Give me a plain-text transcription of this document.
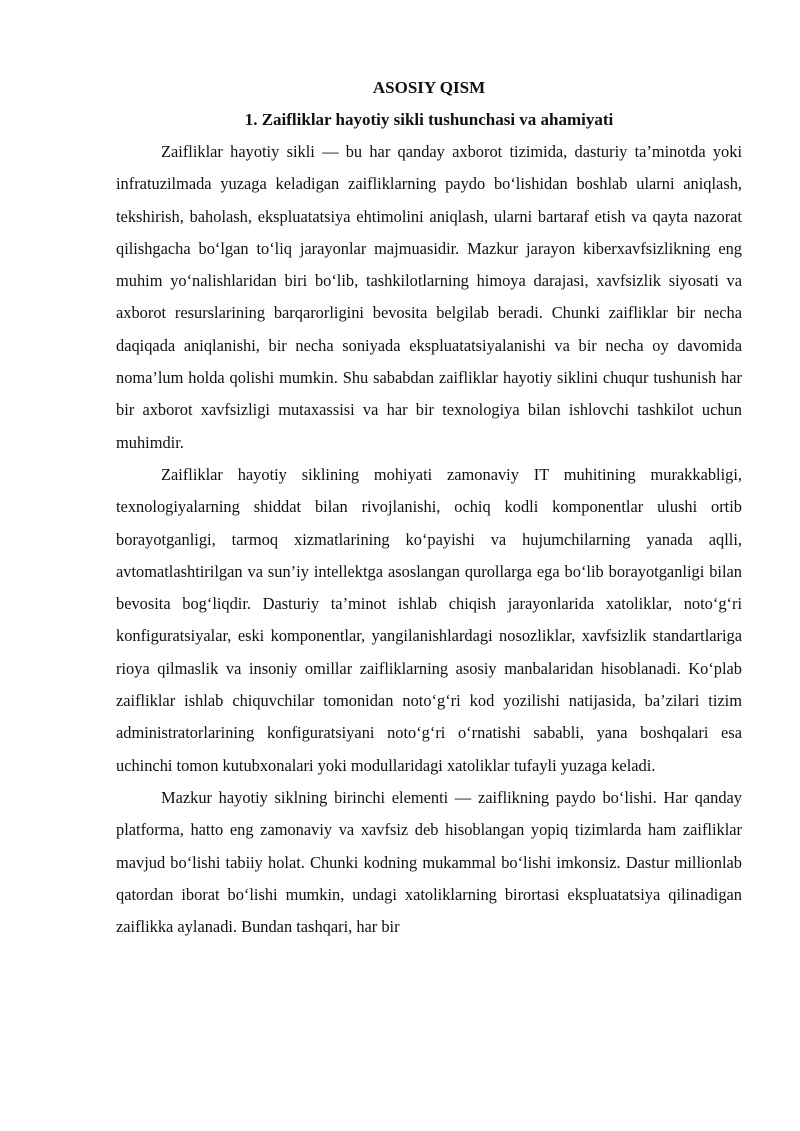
ASOSIY QISM
1. Zaifliklar hayotiy sikli tushunchasi va ahamiyati

Zaifliklar hayotiy sikli — bu har qanday axborot tizimida, dasturiy ta’minotda yoki infratuzilmada yuzaga keladigan zaifliklarning paydo bo‘lishidan boshlab ularni aniqlash, tekshirish, baholash, ekspluatatsiya ehtimolini aniqlash, ularni bartaraf etish va qayta nazorat qilishgacha bo‘lgan to‘liq jarayonlar majmuasidir. Mazkur jarayon kiberxavfsizlikning eng muhim yo‘nalishlaridan biri bo‘lib, tashkilotlarning himoya darajasi, xavfsizlik siyosati va axborot resurslarining barqarorligini bevosita belgilab beradi. Chunki zaifliklar bir necha daqiqada aniqlanishi, bir necha soniyada ekspluatatsiyalanishi va bir necha oy davomida noma’lum holda qolishi mumkin. Shu sababdan zaifliklar hayotiy siklini chuqur tushunish har bir axborot xavfsizligi mutaxassisi va har bir texnologiya bilan ishlovchi tashkilot uchun muhimdir.

Zaifliklar hayotiy siklining mohiyati zamonaviy IT muhitining murakkabligi, texnologiyalarning shiddat bilan rivojlanishi, ochiq kodli komponentlar ulushi ortib borayotganligi, tarmoq xizmatlarining ko‘payishi va hujumchilarning yanada aqlli, avtomatlashtirilgan va sun’iy intellektga asoslangan qurollarga ega bo‘lib borayotganligi bilan bevosita bog‘liqdir. Dasturiy ta’minot ishlab chiqish jarayonlarida xatoliklar, noto‘g‘ri konfiguratsiyalar, eski komponentlar, yangilanishlardagi nosozliklar, xavfsizlik standartlariga rioya qilmaslik va insoniy omillar zaifliklarning asosiy manbalaridan hisoblanadi. Ko‘plab zaifliklar ishlab chiquvchilar tomonidan noto‘g‘ri kod yozilishi natijasida, ba’zilari tizim administratorlarining konfiguratsiyani noto‘g‘ri o‘rnatishi sababli, yana boshqalari esa uchinchi tomon kutubxonalari yoki modullaridagi xatoliklar tufayli yuzaga keladi.

Mazkur hayotiy siklning birinchi elementi — zaiflikning paydo bo‘lishi. Har qanday platforma, hatto eng zamonaviy va xavfsiz deb hisoblangan yopiq tizimlarda ham zaifliklar mavjud bo‘lishi tabiiy holat. Chunki kodning mukammal bo‘lishi imkonsiz. Dastur millionlab qatordan iborat bo‘lishi mumkin, undagi xatoliklarning birortasi ekspluatatsiya qilinadigan zaiflikka aylanadi. Bundan tashqari, har bir
